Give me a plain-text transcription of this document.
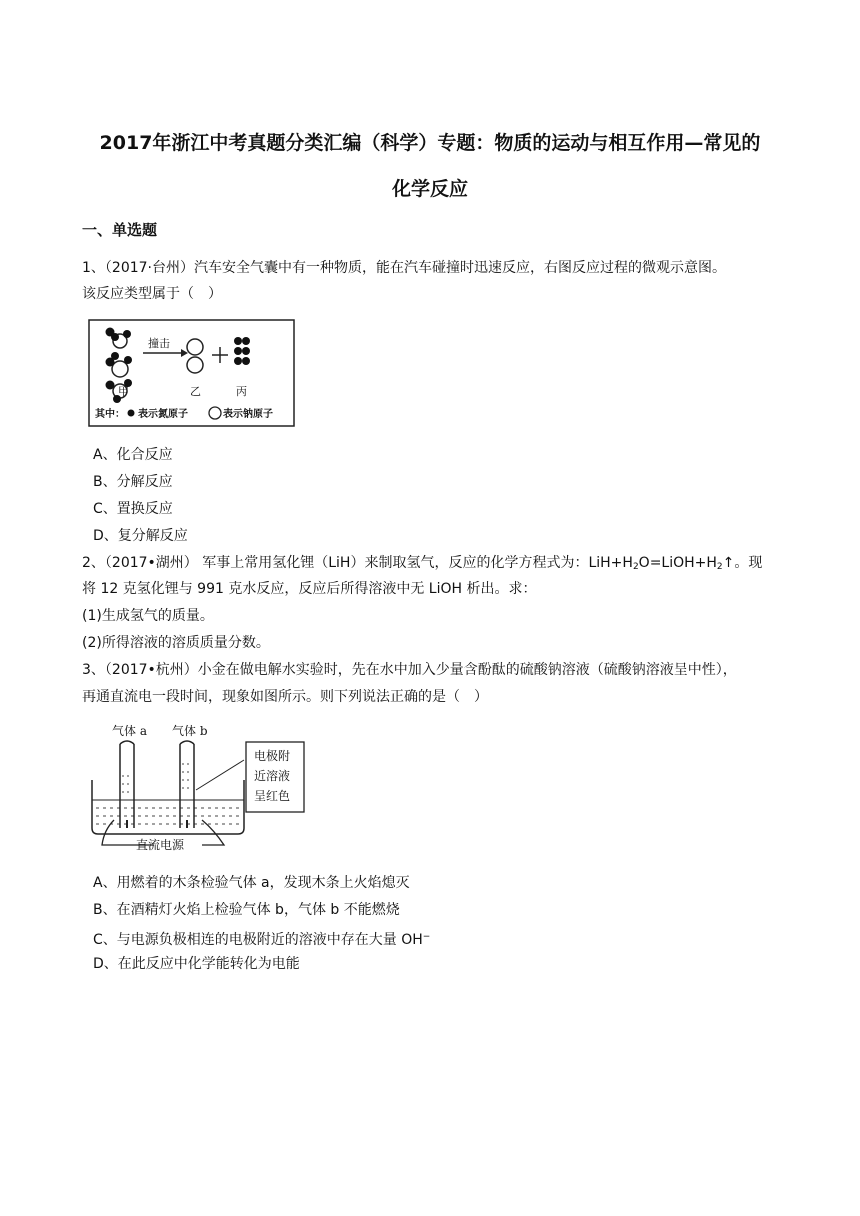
2017年浙江中考真题分类汇编（科学）专题：物质的运动与相互作用—常见的
化学反应
一、单选题
1、（2017·台州）汽车安全气囊中有一种物质，能在汽车碰撞时迅速反应，右图反应过程的微观示意图。
该反应类型属于（　）
撞击
甲	乙	丙
其中： 表示氮原子	表示钠原子
A、化合反应
B、分解反应
C、置换反应
D、复分解反应
2、（2017•湖州） 军事上常用氢化锂（LiH）来制取氢气，反应的化学方程式为：$LiH+H_2O=LiOH+H_2↑$。现
将 12 克氢化锂与 991 克水反应，反应后所得溶液中无 LiOH 析出。求：
(1)生成氢气的质量。
(2)所得溶液的溶质质量分数。
3、（2017•杭州）小金在做电解水实验时，先在水中加入少量含酚酞的硫酸钠溶液（硫酸钠溶液呈中性），
再通直流电一段时间，现象如图所示。则下列说法正确的是（　）
气体 a 气体 b
直流电源
电极附
近溶液
呈红色
A、用燃着的木条检验气体 a，发现木条上火焰熄灭
B、在酒精灯火焰上检验气体 b，气体 b 不能燃烧
C、与电源负极相连的电极附近的溶液中存在大量 OH−
D、在此反应中化学能转化为电能
